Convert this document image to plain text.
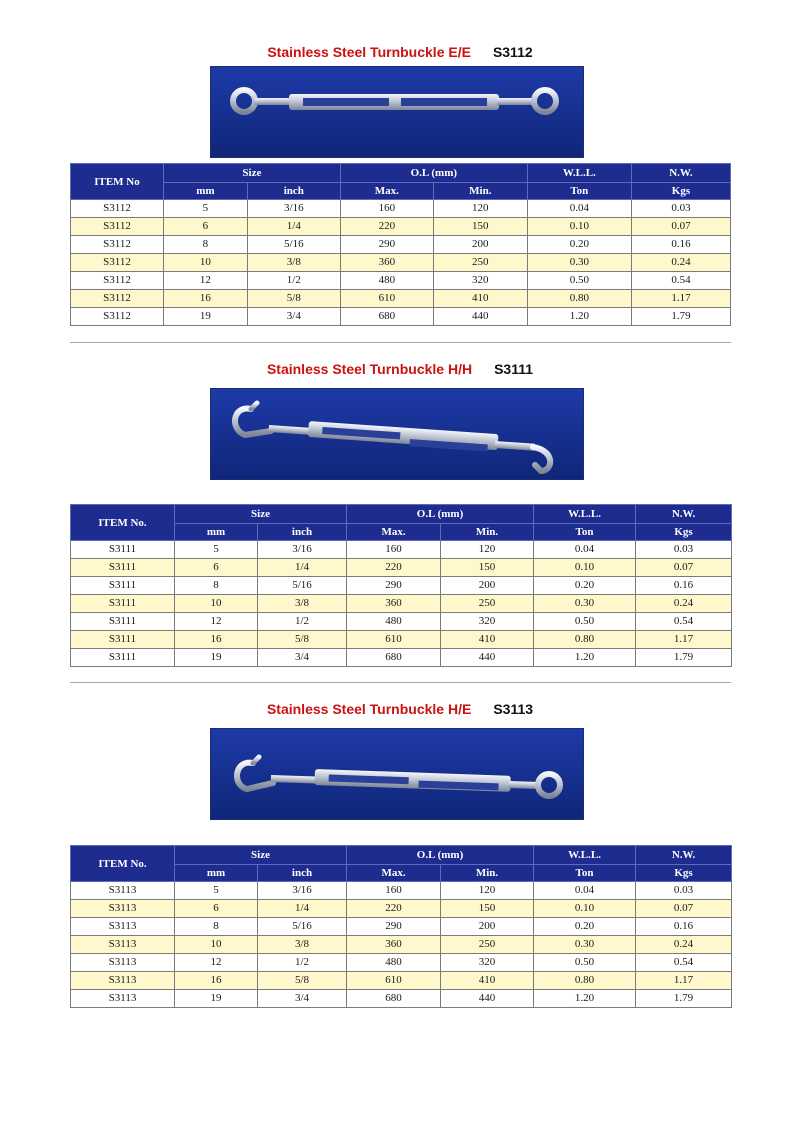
Stainless Steel Turnbuckle E/E S3112
ITEM No	Size		O.L (mm)		W.L.L.	N.W.
	mm	inch	Max.	Min.	Ton	Kgs
S3112	5	3/16	160	120	0.04	0.03
S3112	6	1/4	220	150	0.10	0.07
S3112	8	5/16	290	200	0.20	0.16
S3112	10	3/8	360	250	0.30	0.24
S3112	12	1/2	480	320	0.50	0.54
S3112	16	5/8	610	410	0.80	1.17
S3112	19	3/4	680	440	1.20	1.79
Stainless Steel Turnbuckle H/H S3111
ITEM No.	Size		O.L (mm)		W.L.L.	N.W.
	mm	inch	Max.	Min.	Ton	Kgs
S3111	5	3/16	160	120	0.04	0.03
S3111	6	1/4	220	150	0.10	0.07
S3111	8	5/16	290	200	0.20	0.16
S3111	10	3/8	360	250	0.30	0.24
S3111	12	1/2	480	320	0.50	0.54
S3111	16	5/8	610	410	0.80	1.17
S3111	19	3/4	680	440	1.20	1.79
Stainless Steel Turnbuckle H/E S3113
ITEM No.	Size		O.L (mm)		W.L.L.	N.W.
	mm	inch	Max.	Min.	Ton	Kgs
S3113	5	3/16	160	120	0.04	0.03
S3113	6	1/4	220	150	0.10	0.07
S3113	8	5/16	290	200	0.20	0.16
S3113	10	3/8	360	250	0.30	0.24
S3113	12	1/2	480	320	0.50	0.54
S3113	16	5/8	610	410	0.80	1.17
S3113	19	3/4	680	440	1.20	1.79
